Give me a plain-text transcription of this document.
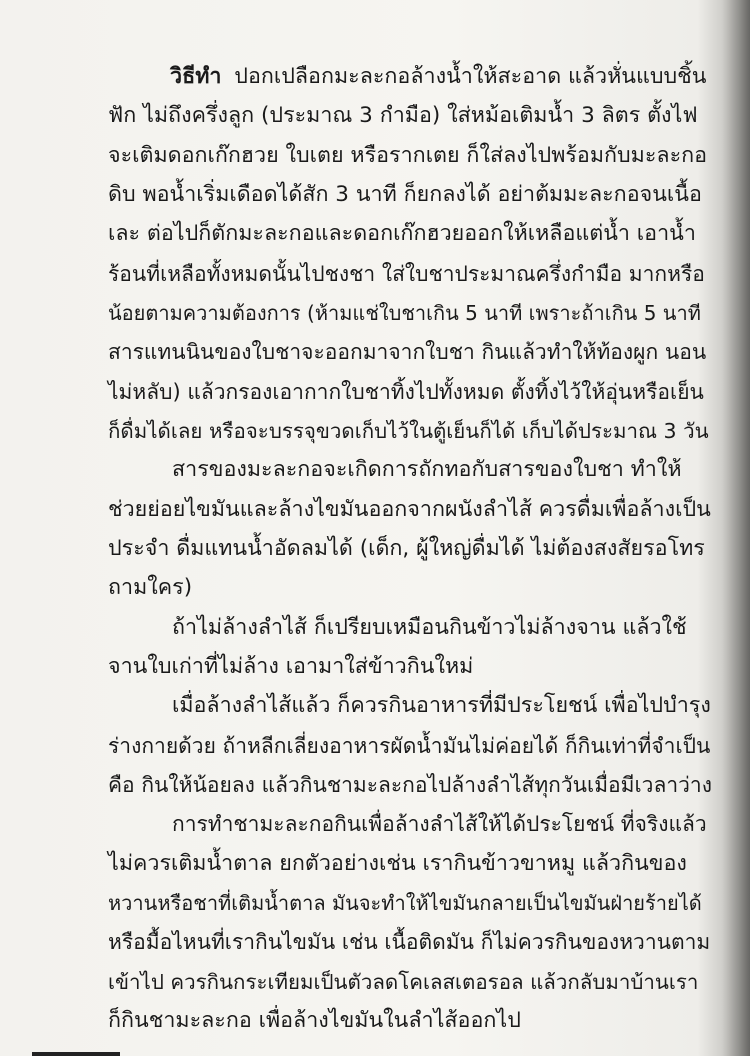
วิธีทำ ปอกเปลือกมะละกอล้างน้ำให้สะอาด แล้วหั่นแบบชิ้น
ฟัก ไม่ถึงครึ่งลูก (ประมาณ 3 กำมือ) ใส่หม้อเติมน้ำ 3 ลิตร ตั้งไฟ
จะเติมดอกเก๊กฮวย ใบเตย หรือรากเตย ก็ใส่ลงไปพร้อมกับมะละกอ
ดิบ พอน้ำเริ่มเดือดได้สัก 3 นาที ก็ยกลงได้ อย่าต้มมะละกอจนเนื้อ
เละ ต่อไปก็ตักมะละกอและดอกเก๊กฮวยออกให้เหลือแต่น้ำ เอาน้ำ
ร้อนที่เหลือทั้งหมดนั้นไปชงชา ใส่ใบชาประมาณครึ่งกำมือ มากหรือ
น้อยตามความต้องการ (ห้ามแช่ใบชาเกิน 5 นาที เพราะถ้าเกิน 5 นาที
สารแทนนินของใบชาจะออกมาจากใบชา กินแล้วทำให้ท้องผูก นอน
ไม่หลับ) แล้วกรองเอากากใบชาทิ้งไปทั้งหมด ตั้งทิ้งไว้ให้อุ่นหรือเย็น
ก็ดื่มได้เลย หรือจะบรรจุขวดเก็บไว้ในตู้เย็นก็ได้ เก็บได้ประมาณ 3 วัน
สารของมะละกอจะเกิดการถักทอกับสารของใบชา ทำให้
ช่วยย่อยไขมันและล้างไขมันออกจากผนังลำไส้ ควรดื่มเพื่อล้างเป็น
ประจำ ดื่มแทนน้ำอัดลมได้ (เด็ก, ผู้ใหญ่ดื่มได้ ไม่ต้องสงสัยรอโทร
ถามใคร)
ถ้าไม่ล้างลำไส้ ก็เปรียบเหมือนกินข้าวไม่ล้างจาน แล้วใช้
จานใบเก่าที่ไม่ล้าง เอามาใส่ข้าวกินใหม่
เมื่อล้างลำไส้แล้ว ก็ควรกินอาหารที่มีประโยชน์ เพื่อไปบำรุง
ร่างกายด้วย ถ้าหลีกเลี่ยงอาหารผัดน้ำมันไม่ค่อยได้ ก็กินเท่าที่จำเป็น
คือ กินให้น้อยลง แล้วกินชามะละกอไปล้างลำไส้ทุกวันเมื่อมีเวลาว่าง
การทำชามะละกอกินเพื่อล้างลำไส้ให้ได้ประโยชน์ ที่จริงแล้ว
ไม่ควรเติมน้ำตาล ยกตัวอย่างเช่น เรากินข้าวขาหมู แล้วกินของ
หวานหรือชาที่เติมน้ำตาล มันจะทำให้ไขมันกลายเป็นไขมันฝ่ายร้ายได้
หรือมื้อไหนที่เรากินไขมัน เช่น เนื้อติดมัน ก็ไม่ควรกินของหวานตาม
เข้าไป ควรกินกระเทียมเป็นตัวลดโคเลสเตอรอล แล้วกลับมาบ้านเรา
ก็กินชามะละกอ เพื่อล้างไขมันในลำไส้ออกไป
